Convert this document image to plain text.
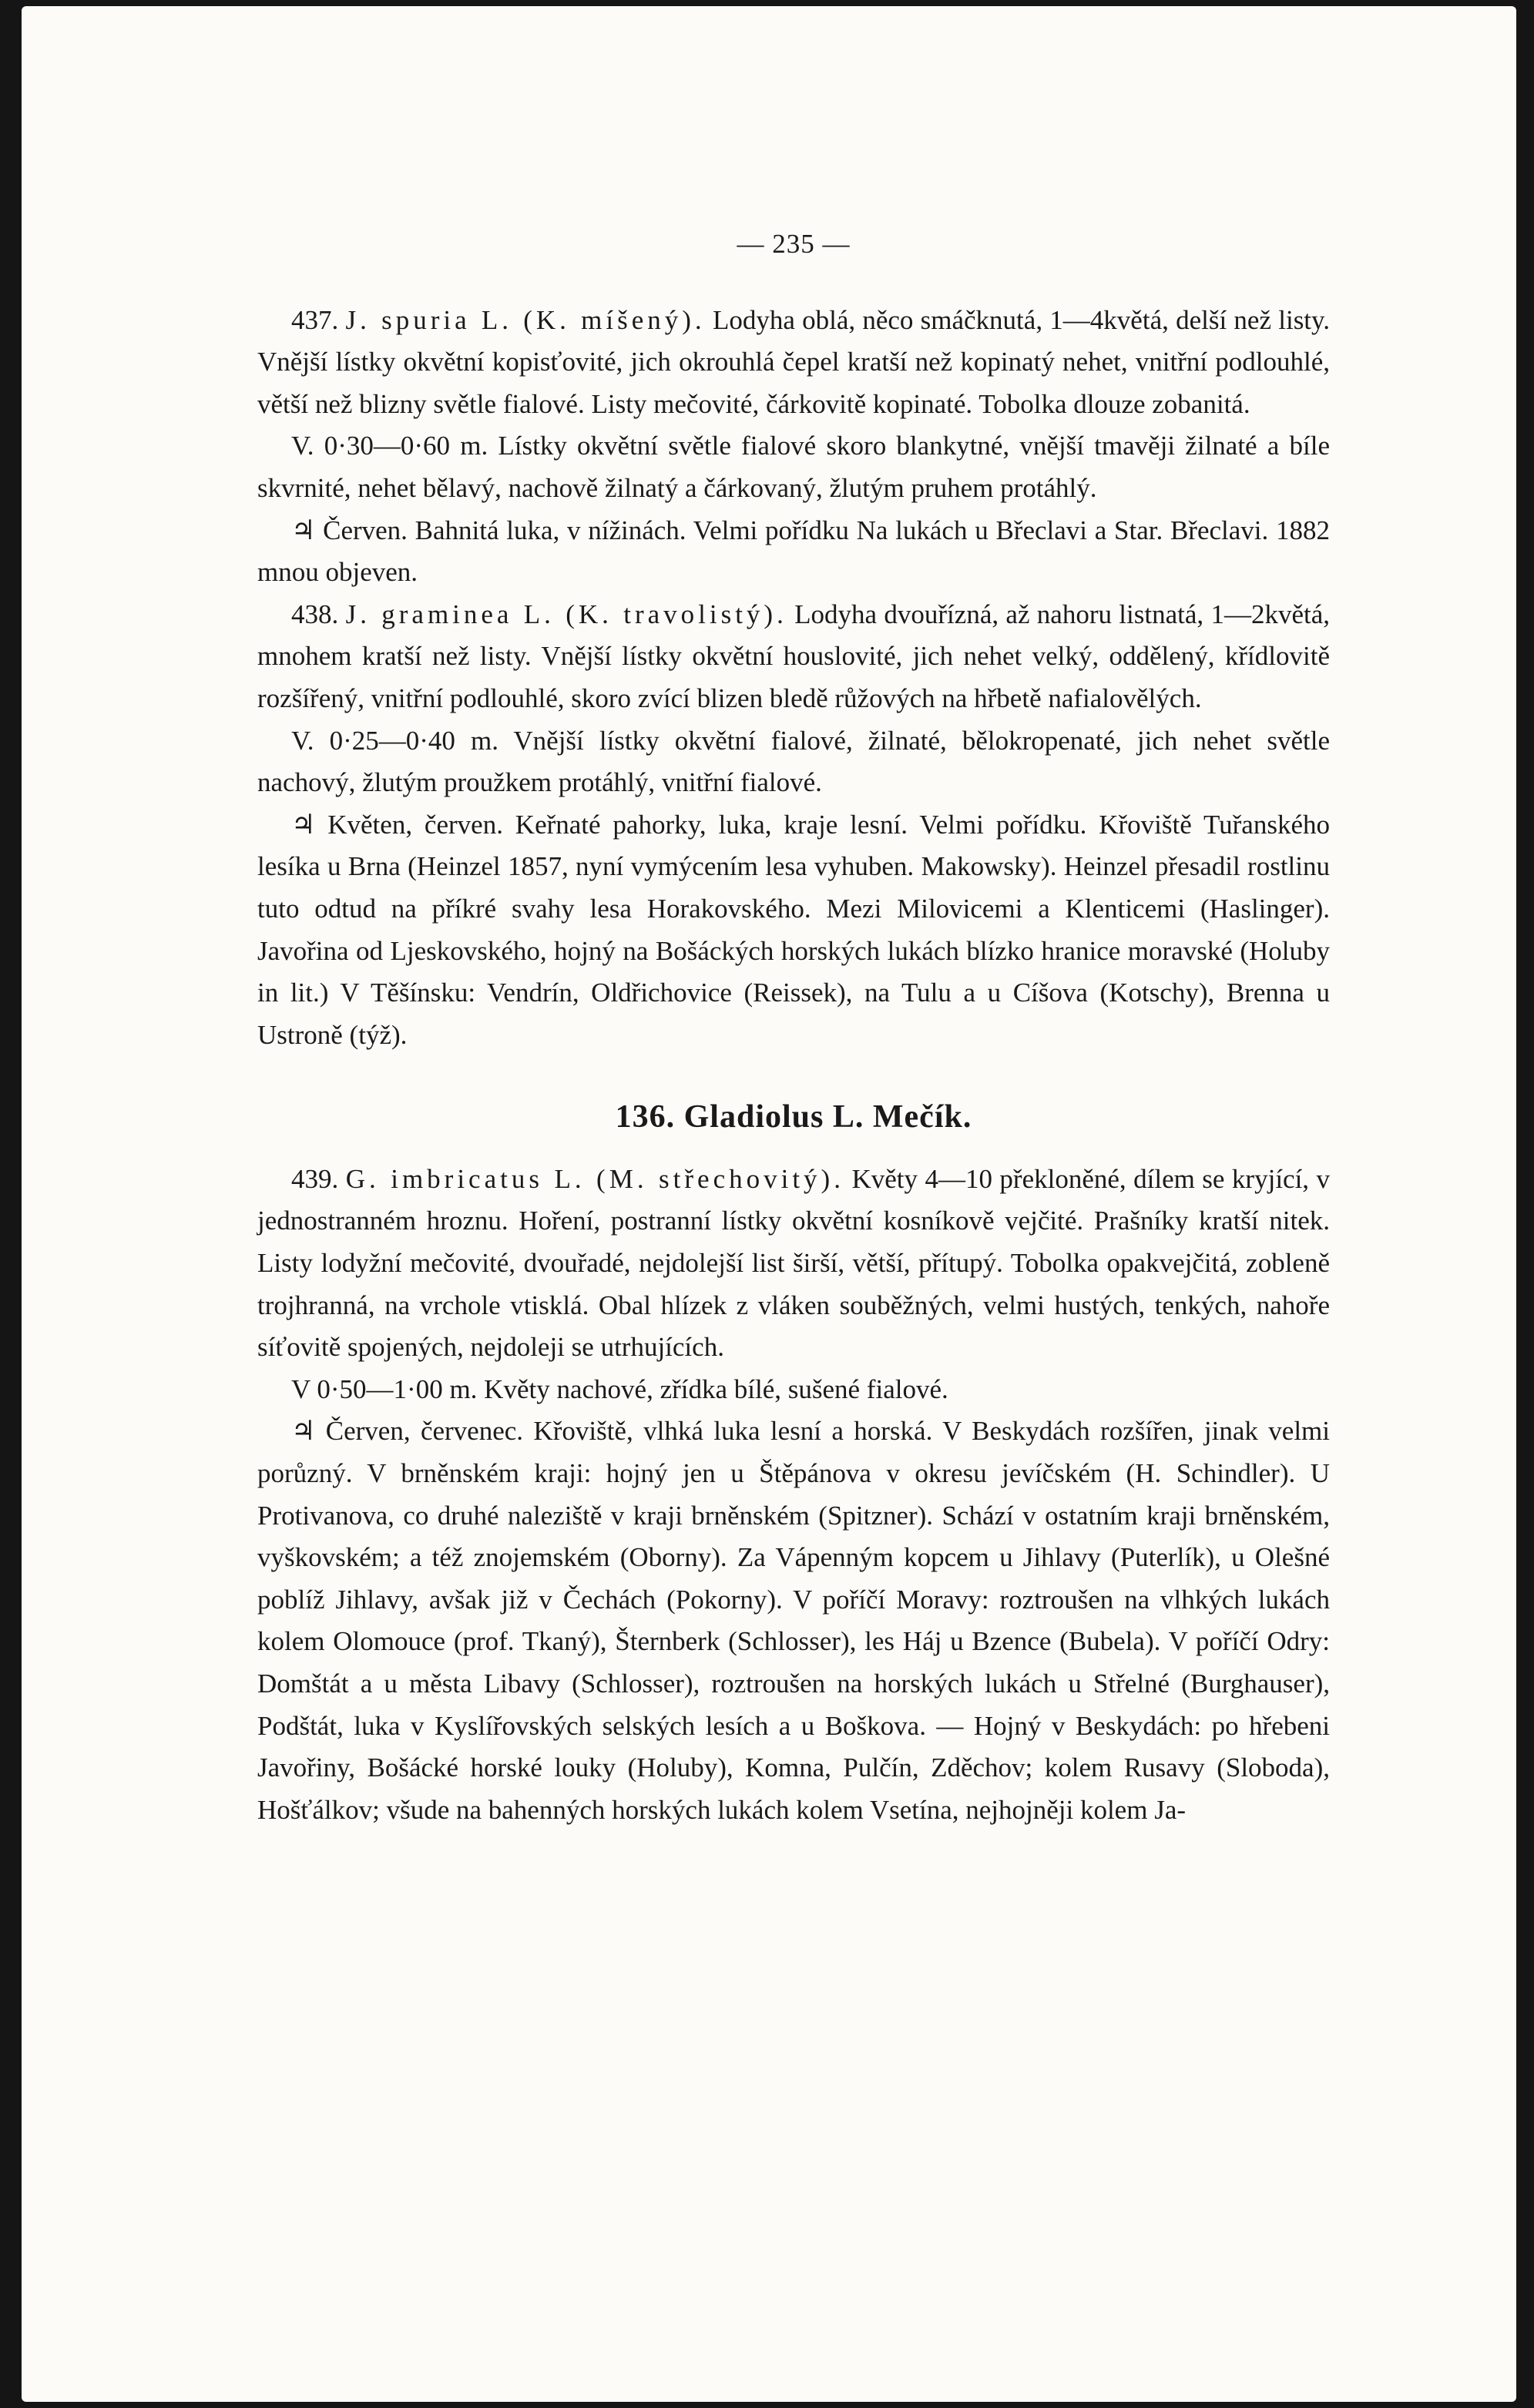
— 235 —

437. J. spuria L. (K. míšený). Lodyha oblá, něco smáčknutá, 1—4květá, delší než listy. Vnější lístky okvětní kopisťovité, jich okrouhlá čepel kratší než kopinatý nehet, vnitřní podlouhlé, větší než blizny světle fialové. Listy mečovité, čárkovitě kopinaté. Tobolka dlouze zobanitá.

V. 0·30—0·60 m. Lístky okvětní světle fialové skoro blankytné, vnější tmavěji žilnaté a bíle skvrnité, nehet bělavý, nachově žilnatý a čárkovaný, žlutým pruhem protáhlý.

♃ Červen. Bahnitá luka, v nížinách. Velmi pořídku Na lukách u Břeclavi a Star. Břeclavi. 1882 mnou objeven.

438. J. graminea L. (K. travolistý). Lodyha dvouřízná, až nahoru listnatá, 1—2květá, mnohem kratší než listy. Vnější lístky okvětní houslovité, jich nehet velký, oddělený, křídlovitě rozšířený, vnitřní podlouhlé, skoro zvící blizen bledě růžových na hřbetě nafialovělých.

V. 0·25—0·40 m. Vnější lístky okvětní fialové, žilnaté, bělokropenaté, jich nehet světle nachový, žlutým proužkem protáhlý, vnitřní fialové.

♃ Květen, červen. Keřnaté pahorky, luka, kraje lesní. Velmi pořídku. Křoviště Tuřanského lesíka u Brna (Heinzel 1857, nyní vymýcením lesa vyhuben. Makowsky). Heinzel přesadil rostlinu tuto odtud na příkré svahy lesa Horakovského. Mezi Milovicemi a Klenticemi (Haslinger). Javořina od Ljeskovského, hojný na Bošáckých horských lukách blízko hranice moravské (Holuby in lit.) V Těšínsku: Vendrín, Oldřichovice (Reissek), na Tulu a u Cíšova (Kotschy), Brenna u Ustroně (týž).

136. Gladiolus L. Mečík.

439. G. imbricatus L. (M. střechovitý). Květy 4—10 překloněné, dílem se kryjící, v jednostranném hroznu. Hoření, postranní lístky okvětní kosníkově vejčité. Prašníky kratší nitek. Listy lodyžní mečovité, dvouřadé, nejdolejší list širší, větší, přítupý. Tobolka opakvejčitá, zobleně trojhranná, na vrchole vtisklá. Obal hlízek z vláken souběžných, velmi hustých, tenkých, nahoře síťovitě spojených, nejdoleji se utrhujících.

V 0·50—1·00 m. Květy nachové, zřídka bílé, sušené fialové.

♃ Červen, červenec. Křoviště, vlhká luka lesní a horská. V Beskydách rozšířen, jinak velmi porůzný. V brněnském kraji: hojný jen u Štěpánova v okresu jevíčském (H. Schindler). U Protivanova, co druhé naleziště v kraji brněnském (Spitzner). Schází v ostatním kraji brněnském, vyškovském; a též znojemském (Oborny). Za Vápenným kopcem u Jihlavy (Puterlík), u Olešné poblíž Jihlavy, avšak již v Čechách (Pokorny). V poříčí Moravy: roztroušen na vlhkých lukách kolem Olomouce (prof. Tkaný), Šternberk (Schlosser), les Háj u Bzence (Bubela). V poříčí Odry: Domštát a u města Libavy (Schlosser), roztroušen na horských lukách u Střelné (Burghauser), Podštát, luka v Kyslířovských selských lesích a u Boškova. — Hojný v Beskydách: po hřebeni Javořiny, Bošácké horské louky (Holuby), Komna, Pulčín, Zděchov; kolem Rusavy (Sloboda), Hošťálkov; všude na bahenných horských lukách kolem Vsetína, nejhojněji kolem Ja-
